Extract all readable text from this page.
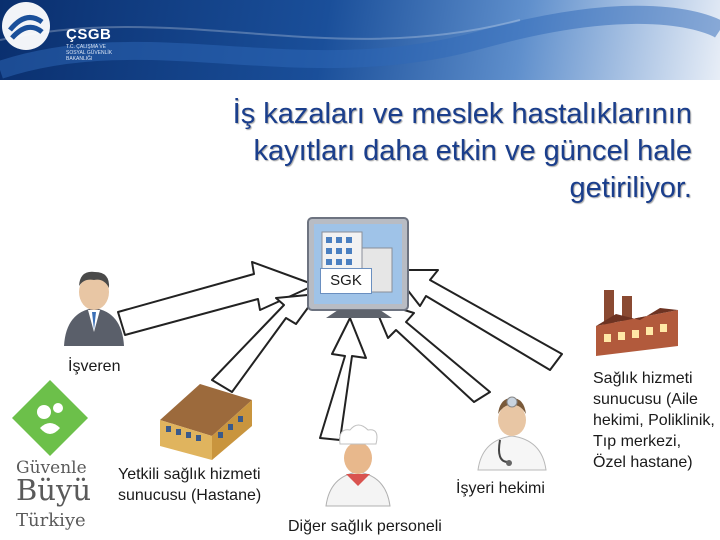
ÇSGB
T.C. ÇALIŞMA VE SOSYAL GÜVENLİK BAKANLIĞI
İş kazaları ve meslek hastalıklarının
kayıtları daha etkin ve güncel hale
getiriliyor.
SGK
İşveren
Yetkili sağlık hizmeti sunucusu (Hastane)
Diğer sağlık personeli
İşyeri hekimi
Sağlık hizmeti sunucusu (Aile hekimi, Poliklinik, Tıp merkezi, Özel hastane)
Güvenle
Büyü
Türkiye
